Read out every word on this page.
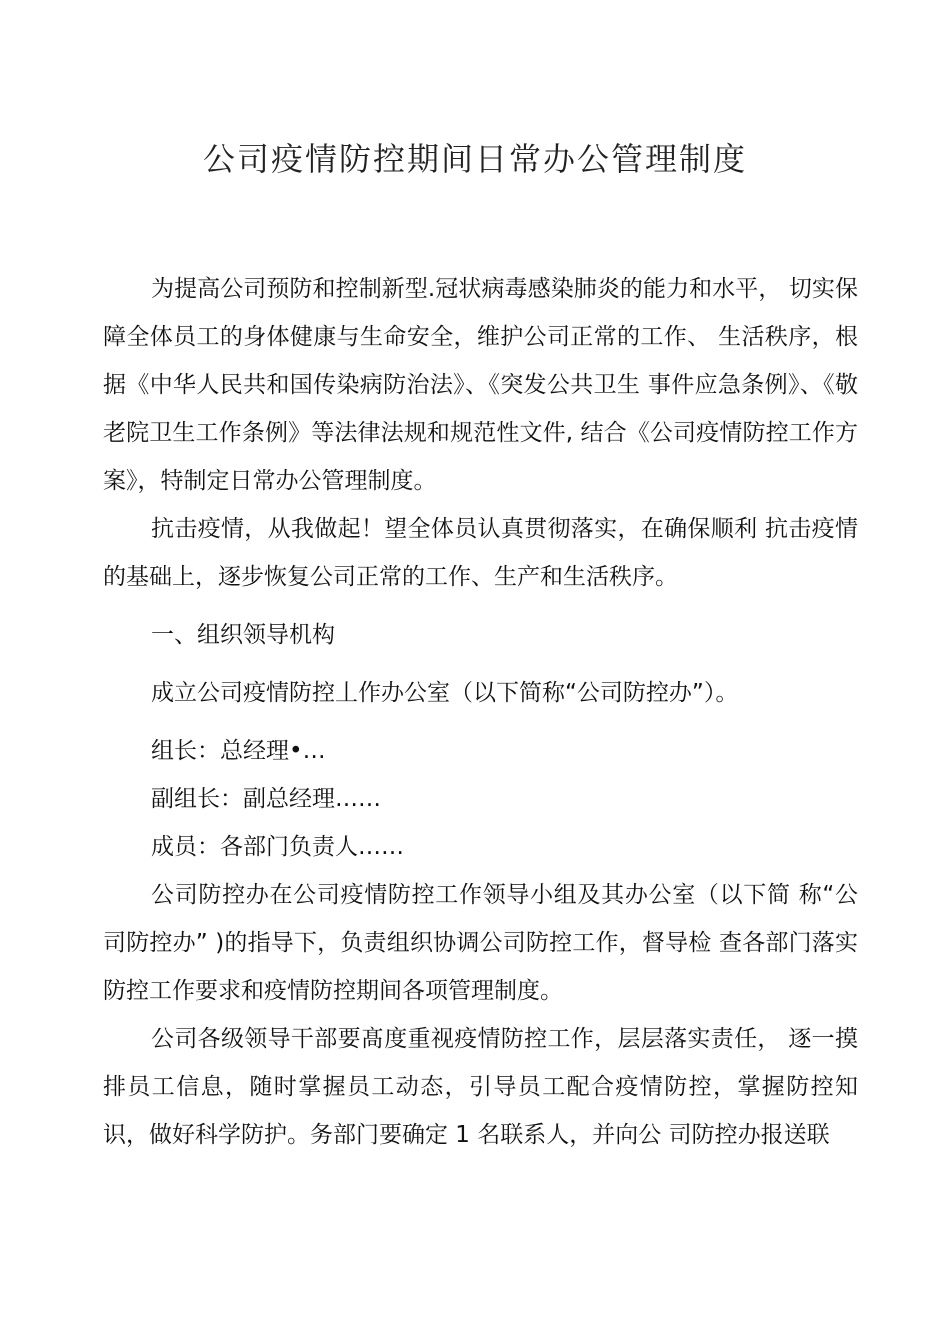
公司疫情防控期间日常办公管理制度

为提高公司预防和控制新型.冠状病毒感染肺炎的能力和水平， 切实保障全体员工的身体健康与生命安全，维护公司正常的工作、 生活秩序，根据《中华人民共和国传染病防治法》、《突发公共卫生 事件应急条例》、《敬老院卫生工作条例》等法律法规和规范性文件, 结合《公司疫情防控工作方案》，特制定日常办公管理制度。

抗击疫情，从我做起！望全体员认真贯彻落实，在确保顺利 抗击疫情的基础上，逐步恢复公司正常的工作、生产和生活秩序。

一、组织领导机构

成立公司疫情防控丄作办公室（以下简称“公司防控办”）。

组长：总经理•…

副组长：副总经理……

成员：各部门负责人……

公司防控办在公司疫情防控工作领导小组及其办公室（以下简 称“公司防控办” )的指导下，负责组织协调公司防控工作，督导检 查各部门落实防控工作要求和疫情防控期间各项管理制度。

公司各级领导干部要髙度重视疫情防控工作，层层落实责任， 逐一摸排员工信息，随时掌握员工动态，引导员工配合疫情防控，掌握防控知识，做好科学防护。务部门要确定 1 名联系人，并向公 司防控办报送联
